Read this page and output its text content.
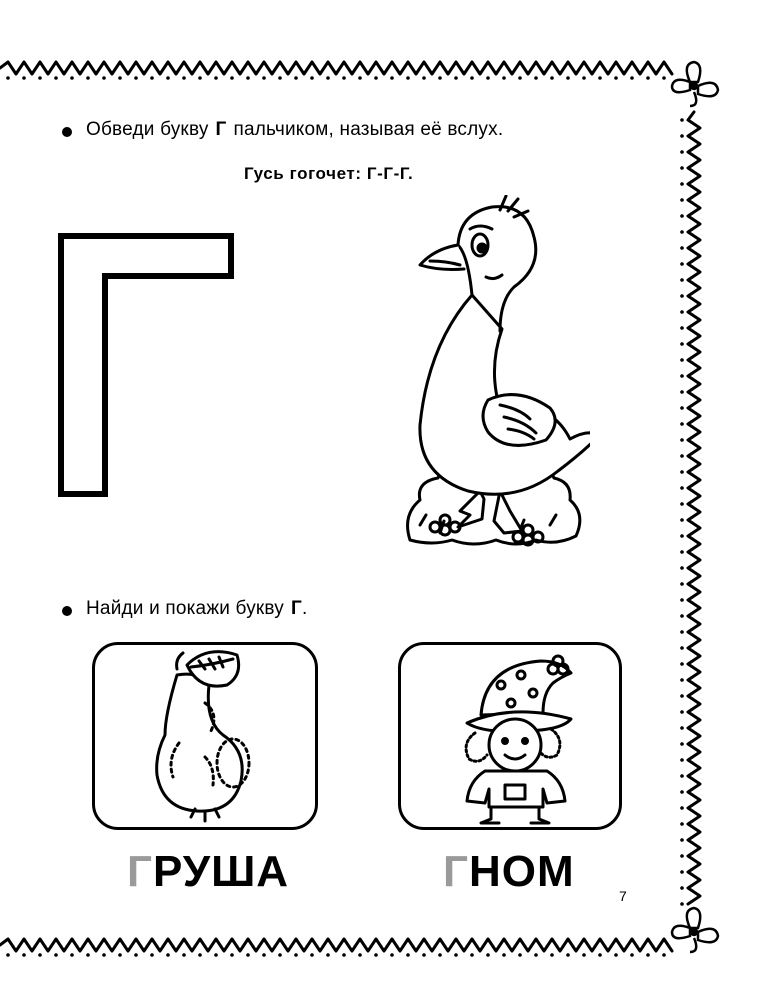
Обведи букву Г пальчиком, называя её вслух.
Гусь гогочет: Г-Г-Г.
Найди и покажи букву Г.
ГРУША	ГНОМ	7
